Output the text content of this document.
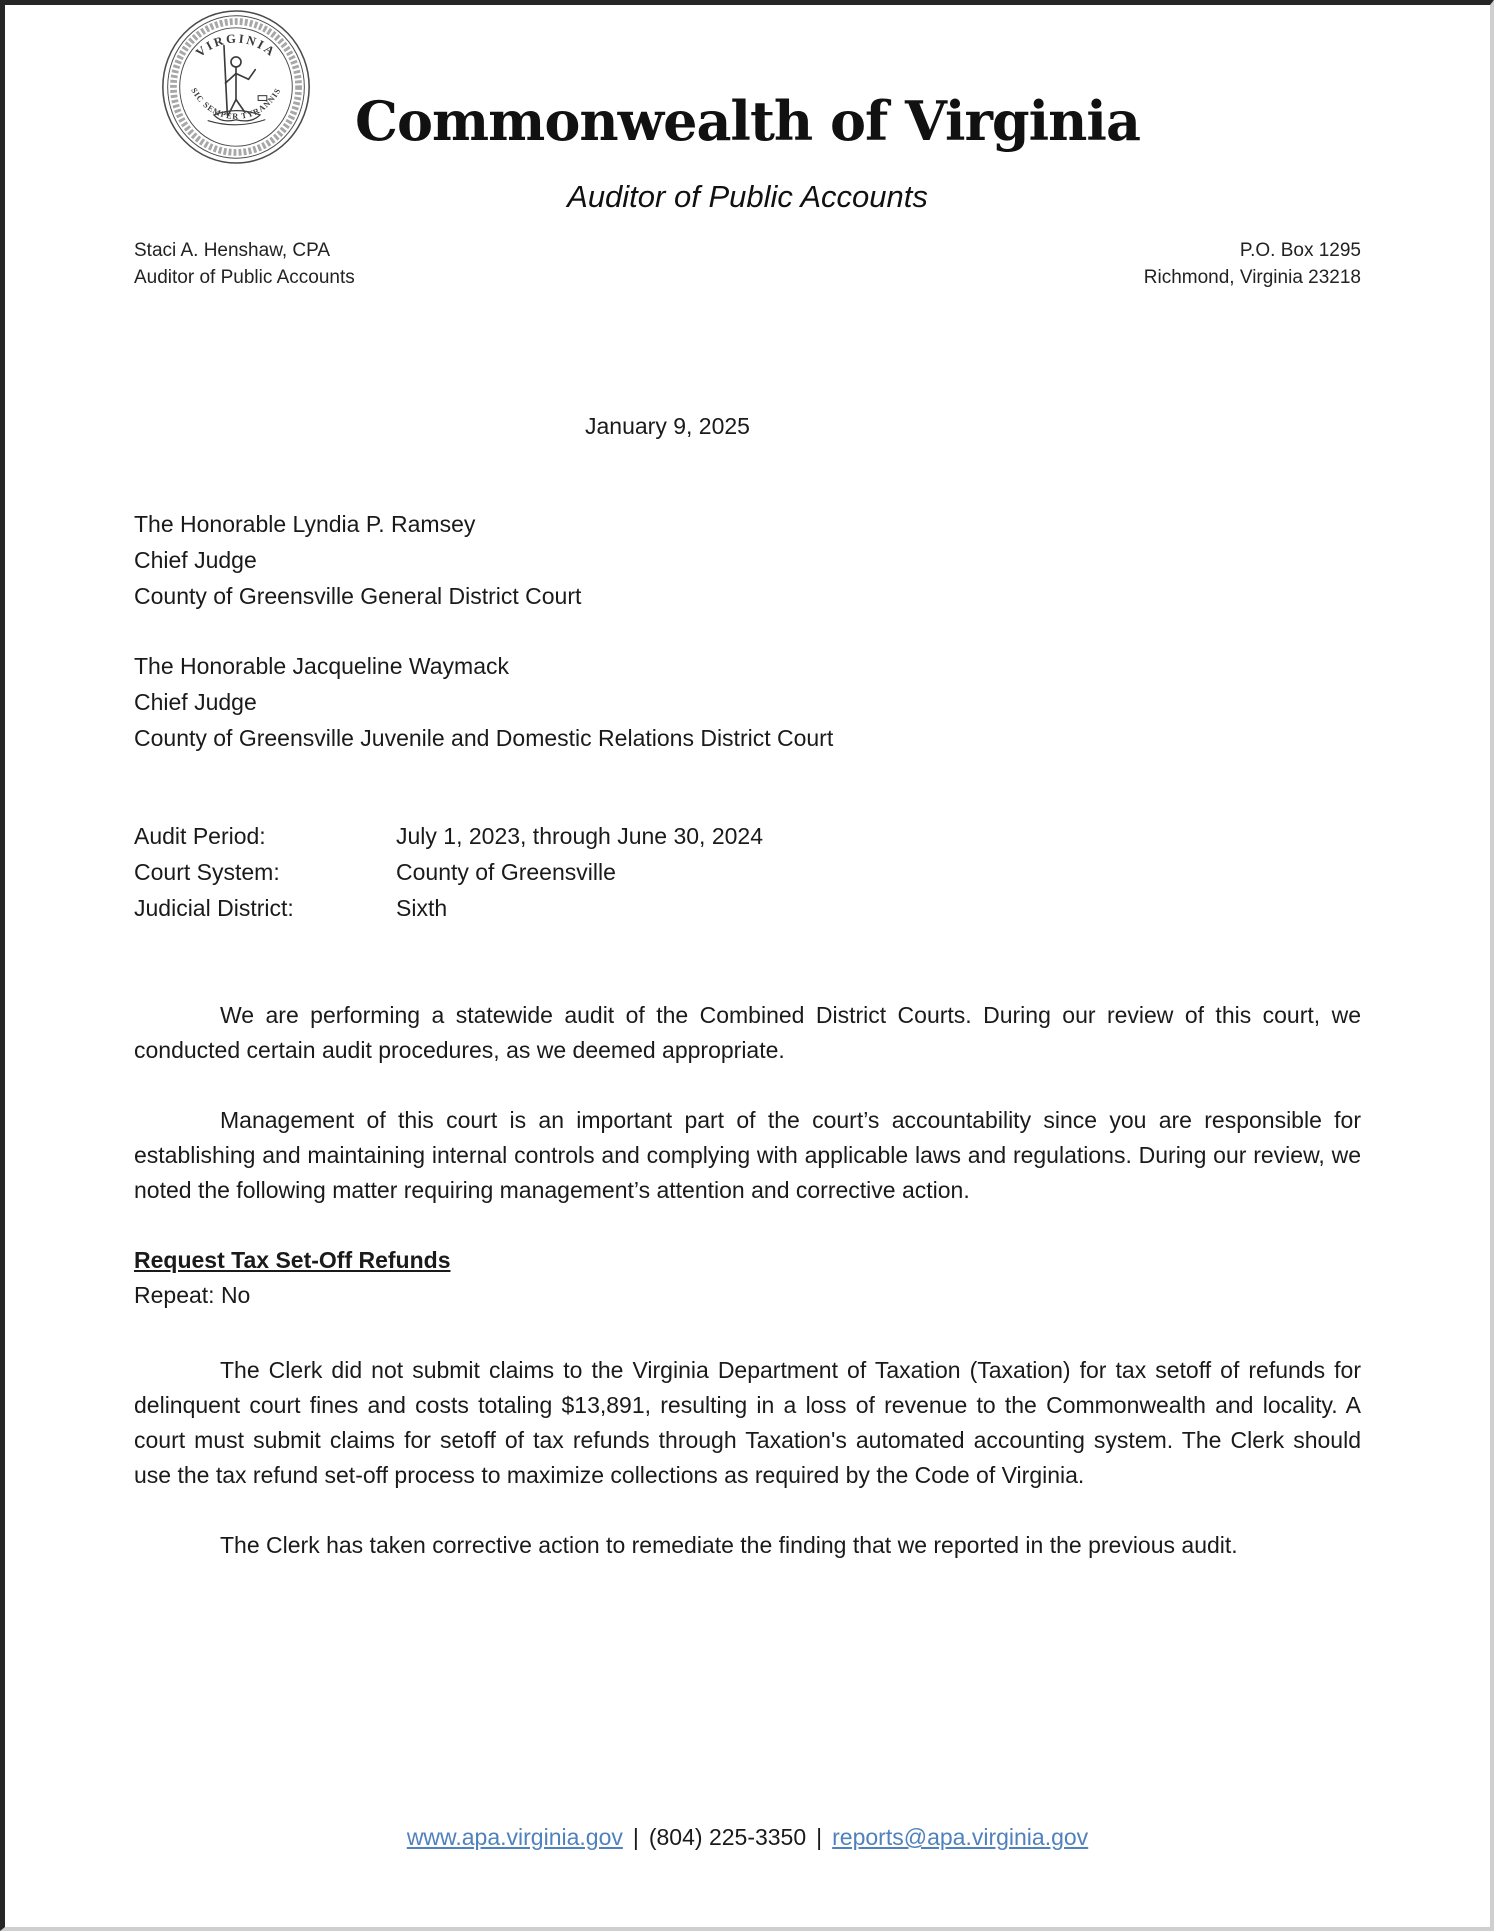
VIRGINIA
SIC SEMPER TYRANNIS	Commonwealth of Virginia
Auditor of Public Accounts
Staci A. Henshaw, CPA
Auditor of Public Accounts
P.O. Box 1295
Richmond, Virginia 23218
January 9, 2025
The Honorable Lyndia P. Ramsey
Chief Judge
County of Greensville General District Court
The Honorable Jacqueline Waymack
Chief Judge
County of Greensville Juvenile and Domestic Relations District Court
Audit Period:	July 1, 2023, through June 30, 2024
Court System:	County of Greensville
Judicial District:	Sixth

We are performing a statewide audit of the Combined District Courts. During our review of this court, we conducted certain audit procedures, as we deemed appropriate.

Management of this court is an important part of the court’s accountability since you are responsible for establishing and maintaining internal controls and complying with applicable laws and regulations. During our review, we noted the following matter requiring management’s attention and corrective action.

Request Tax Set-Off Refunds
Repeat: No

The Clerk did not submit claims to the Virginia Department of Taxation (Taxation) for tax setoff of refunds for delinquent court fines and costs totaling $13,891, resulting in a loss of revenue to the Commonwealth and locality. A court must submit claims for setoff of tax refunds through Taxation's automated accounting system. The Clerk should use the tax refund set-off process to maximize collections as required by the Code of Virginia.

The Clerk has taken corrective action to remediate the finding that we reported in the previous audit.

www.apa.virginia.gov | (804) 225-3350 | reports@apa.virginia.gov
